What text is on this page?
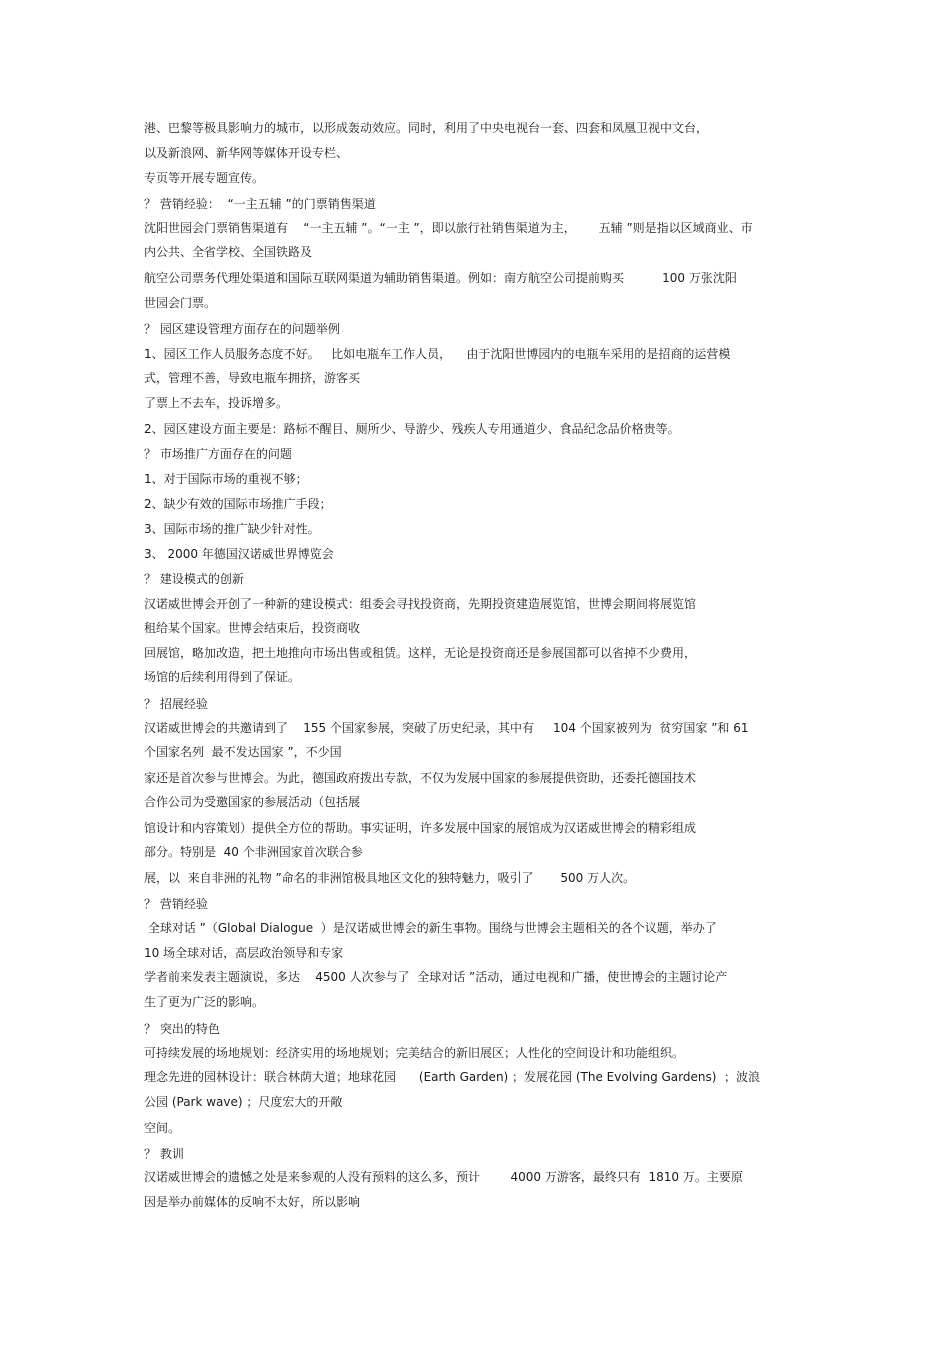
港、巴黎等极具影响力的城市，以形成轰动效应。同时，利用了中央电视台一套、四套和凤凰卫视中文台，
以及新浪网、新华网等媒体开设专栏、
专页等开展专题宣传。
？ 营销经验：  “一主五辅 ”的门票销售渠道
沈阳世园会门票销售渠道有    “一主五辅 ”。“一主 ”，即以旅行社销售渠道为主，      五辅 ”则是指以区域商业、市
内公共、全省学校、全国铁路及
航空公司票务代理处渠道和国际互联网渠道为辅助销售渠道。例如：南方航空公司提前购买          100 万张沈阳
世园会门票。
？ 园区建设管理方面存在的问题举例
1、园区工作人员服务态度不好。   比如电瓶车工作人员，    由于沈阳世博园内的电瓶车采用的是招商的运营模
式，管理不善，导致电瓶车拥挤，游客买
了票上不去车，投诉增多。
2、园区建设方面主要是：路标不醒目、厕所少、导游少、残疾人专用通道少、食品纪念品价格贵等。
？ 市场推广方面存在的问题
1、对于国际市场的重视不够；
2、缺少有效的国际市场推广手段；
3、国际市场的推广缺少针对性。
3、 2000 年德国汉诺威世界博览会
？ 建设模式的创新
汉诺威世博会开创了一种新的建设模式：组委会寻找投资商，先期投资建造展览馆，世博会期间将展览馆
租给某个国家。世博会结束后，投资商收
回展馆，略加改造，把土地推向市场出售或租赁。这样，无论是投资商还是参展国都可以省掉不少费用，
场馆的后续利用得到了保证。
？ 招展经验
汉诺威世博会的共邀请到了    155 个国家参展，突破了历史纪录，其中有     104 个国家被列为  贫穷国家 ”和 61
个国家名列  最不发达国家 ”，不少国
家还是首次参与世博会。为此，德国政府拨出专款，不仅为发展中国家的参展提供资助，还委托德国技术
合作公司为受邀国家的参展活动（包括展
馆设计和内容策划）提供全方位的帮助。事实证明，许多发展中国家的展馆成为汉诺威世博会的精彩组成
部分。特别是  40 个非洲国家首次联合参
展，以  来自非洲的礼物 ”命名的非洲馆极具地区文化的独特魅力，吸引了       500 万人次。
？ 营销经验
全球对话 ”（Global Dialogue  ）是汉诺威世博会的新生事物。围绕与世博会主题相关的各个议题，举办了
10 场全球对话，高层政治领导和专家
学者前来发表主题演说，多达    4500 人次参与了  全球对话 ”活动，通过电视和广播，使世博会的主题讨论产
生了更为广泛的影响。
？ 突出的特色
可持续发展的场地规划：经济实用的场地规划；完美结合的新旧展区；人性化的空间设计和功能组织。
理念先进的园林设计：联合林荫大道；地球花园      (Earth Garden) ；发展花园 (The Evolving Gardens)  ；波浪
公园 (Park wave) ；尺度宏大的开敞
空间。
？ 教训
汉诺威世博会的遗憾之处是来参观的人没有预料的这么多，预计        4000 万游客，最终只有  1810 万。主要原
因是举办前媒体的反响不太好，所以影响
